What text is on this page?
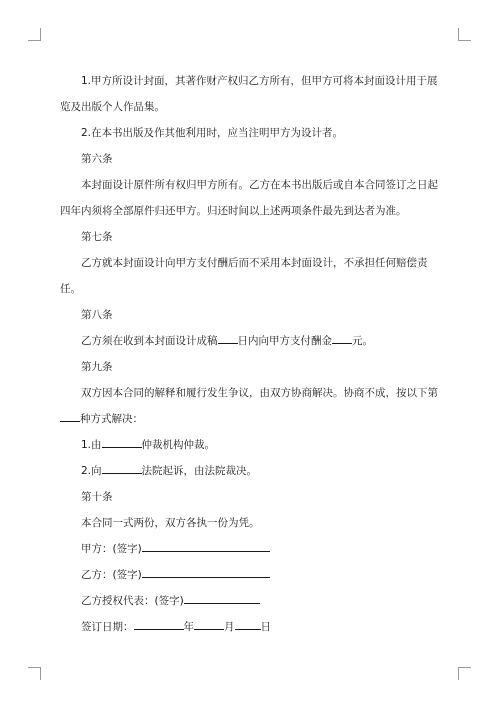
1.甲方所设计封面，其著作财产权归乙方所有，但甲方可将本封面设计用于展览及出版个人作品集。

2.在本书出版及作其他利用时，应当注明甲方为设计者。

第六条

本封面设计原件所有权归甲方所有。乙方在本书出版后或自本合同签订之日起四年内须将全部原件归还甲方。归还时间以上述两项条件最先到达者为准。

第七条

乙方就本封面设计向甲方支付酬后而不采用本封面设计，不承担任何赔偿责任。

第八条

乙方须在收到本封面设计成稿 日内向甲方支付酬金 元。

第九条

双方因本合同的解释和履行发生争议，由双方协商解决。协商不成，按以下第种方式解决：

1.由	仲裁机构仲裁。

2.向	法院起诉，由法院裁决。

第十条

本合同一式两份，双方各执一份为凭。

甲方：(签字)

乙方：(签字)

乙方授权代表：(签字)

签订日期：	年	月 日
